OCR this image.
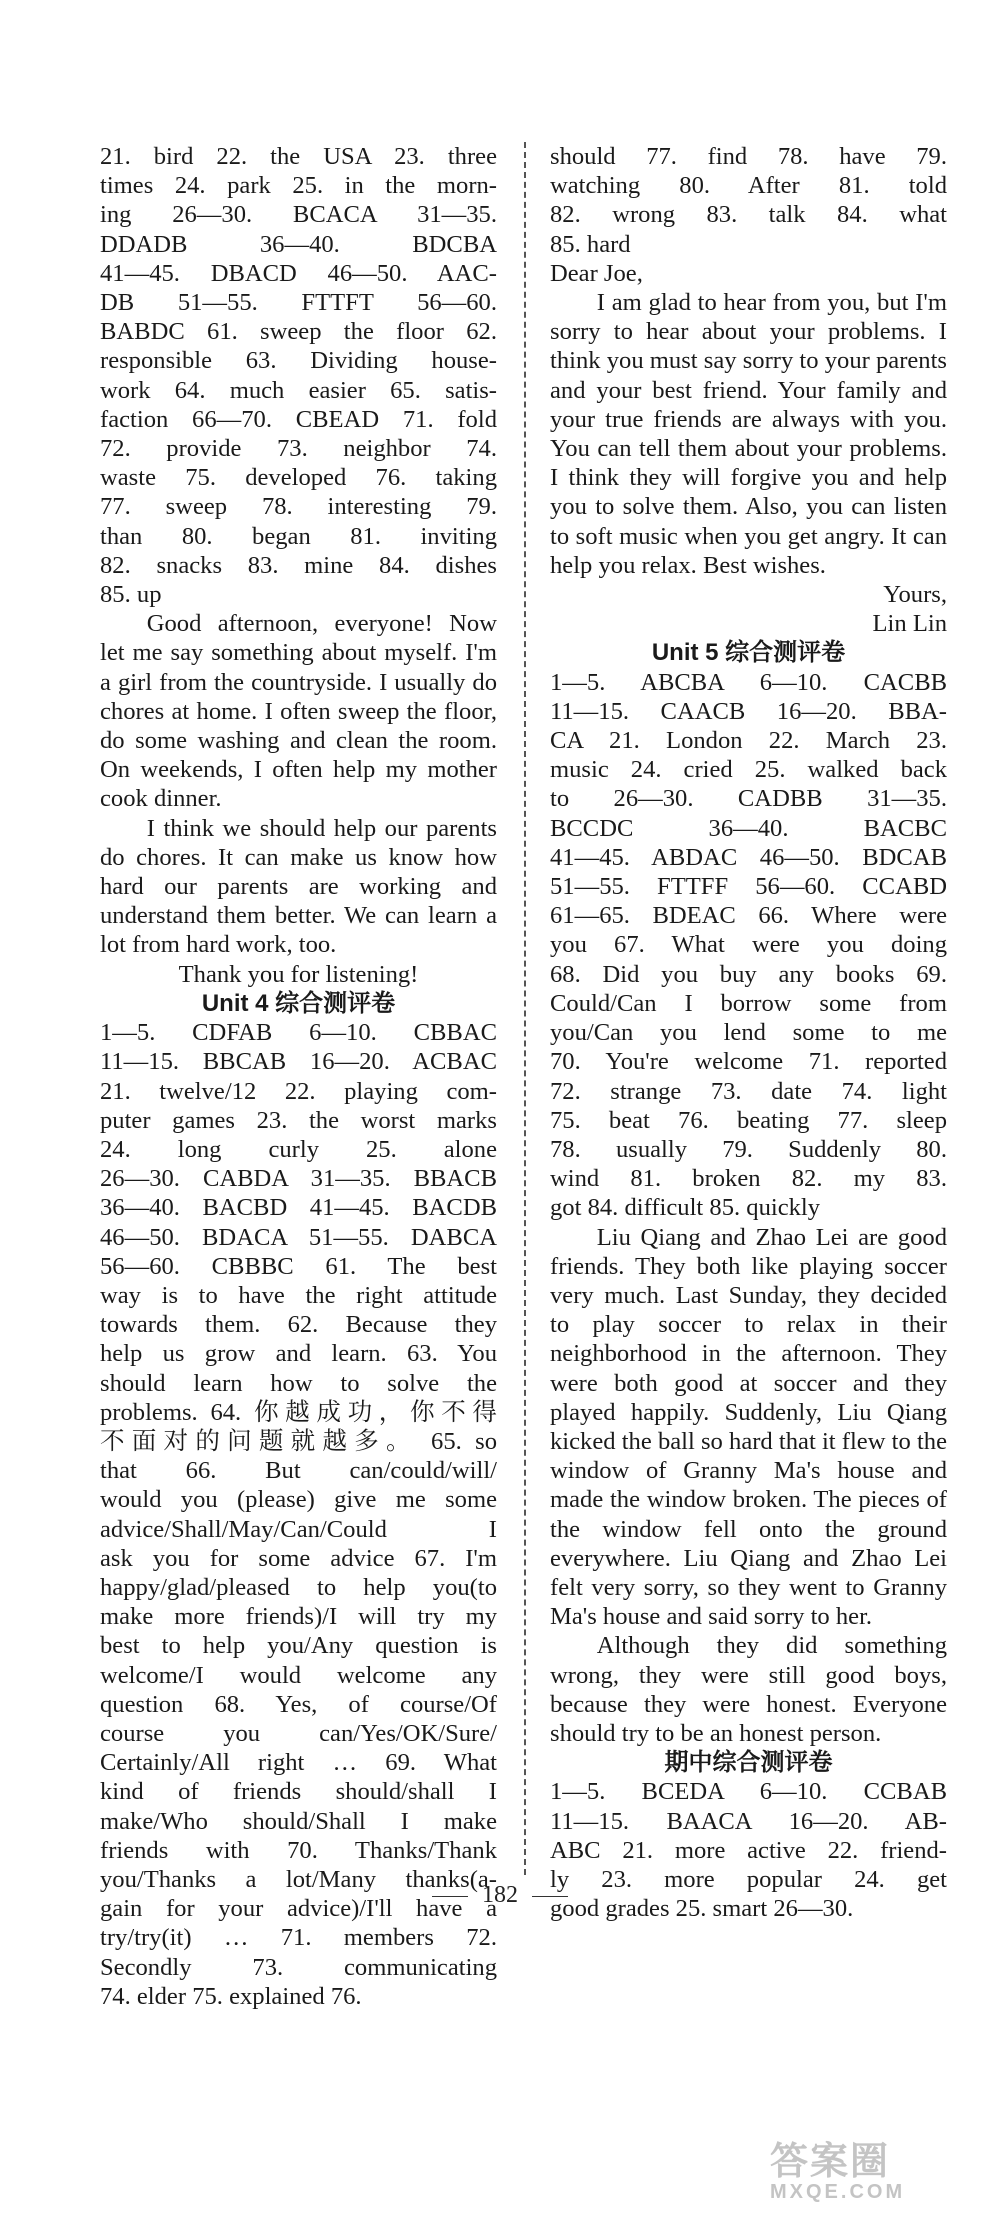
21. bird 22. the USA 23. three
times 24. park 25. in the morn-
ing 26—30. BCACA 31—35.
DDADB 36—40. BDCBA
41—45. DBACD 46—50. AAC-
DB 51—55. FTTFT 56—60.
BABDC 61. sweep the floor 62.
responsible 63. Dividing house-
work 64. much easier 65. satis-
faction 66—70. CBEAD 71. fold
72. provide 73. neighbor 74.
waste 75. developed 76. taking
77. sweep 78. interesting 79.
than 80. began 81. inviting
82. snacks 83. mine 84. dishes
85. up
Good afternoon, everyone! Now let me say something about myself. I'm a girl from the countryside. I usually do chores at home. I often sweep the floor, do some washing and clean the room. On weekends, I often help my mother cook dinner.
I think we should help our parents do chores. It can make us know how hard our parents are working and understand them better. We can learn a lot from hard work, too.
Thank you for listening!
Unit 4 综合测评卷
1—5. CDFAB 6—10. CBBAC
11—15. BBCAB 16—20. ACBAC
21. twelve/12 22. playing com-
puter games 23. the worst marks
24. long curly 25. alone
26—30. CABDA 31—35. BBACB
36—40. BACBD 41—45. BACDB
46—50. BDACA 51—55. DABCA
56—60. CBBBC 61. The best
way is to have the right attitude
towards them. 62. Because they
help us grow and learn. 63. You
should learn how to solve the
problems. 64. 你越成功，你不得
不面对的问题就越多。 65. so
that 66. But can/could/will/
would you (please) give me some
advice/Shall/May/Can/Could I
ask you for some advice 67. I'm
happy/glad/pleased to help you(to
make more friends)/I will try my
best to help you/Any question is
welcome/I would welcome any
question 68. Yes, of course/Of
course you can/Yes/OK/Sure/
Certainly/All right … 69. What
kind of friends should/shall I
make/Who should/Shall I make
friends with 70. Thanks/Thank
you/Thanks a lot/Many thanks(a-
gain for your advice)/I'll have a
try/try(it) … 71. members 72.
Secondly 73. communicating
74. elder 75. explained 76.
should 77. find 78. have 79.
watching 80. After 81. told
82. wrong 83. talk 84. what
85. hard
Dear Joe,
I am glad to hear from you, but I'm sorry to hear about your problems. I think you must say sorry to your parents and your best friend. Your family and your true friends are always with you. You can tell them about your problems. I think they will forgive you and help you to solve them. Also, you can listen to soft music when you get angry. It can help you relax. Best wishes.
Yours,
Lin Lin
Unit 5 综合测评卷
1—5. ABCBA 6—10. CACBB
11—15. CAACB 16—20. BBA-
CA 21. London 22. March 23.
music 24. cried 25. walked back
to 26—30. CADBB 31—35.
BCCDC 36—40. BACBC
41—45. ABDAC 46—50. BDCAB
51—55. FTTFF 56—60. CCABD
61—65. BDEAC 66. Where were
you 67. What were you doing
68. Did you buy any books 69.
Could/Can I borrow some from
you/Can you lend some to me
70. You're welcome 71. reported
72. strange 73. date 74. light
75. beat 76. beating 77. sleep
78. usually 79. Suddenly 80.
wind 81. broken 82. my 83.
got 84. difficult 85. quickly
Liu Qiang and Zhao Lei are good friends. They both like playing soccer very much. Last Sunday, they decided to play soccer to relax in their neighborhood in the afternoon. They were both good at soccer and they played happily. Suddenly, Liu Qiang kicked the ball so hard that it flew to the window of Granny Ma's house and made the window broken. The pieces of the window fell onto the ground everywhere. Liu Qiang and Zhao Lei felt very sorry, so they went to Granny Ma's house and said sorry to her.
Although they did something wrong, they were still good boys, because they were honest. Everyone should try to be an honest person.
期中综合测评卷
1—5. BCEDA 6—10. CCBAB
11—15. BAACA 16—20. AB-
ABC 21. more active 22. friend-
ly 23. more popular 24. get
good grades 25. smart 26—30.
182
答案圈
MXQE.COM
